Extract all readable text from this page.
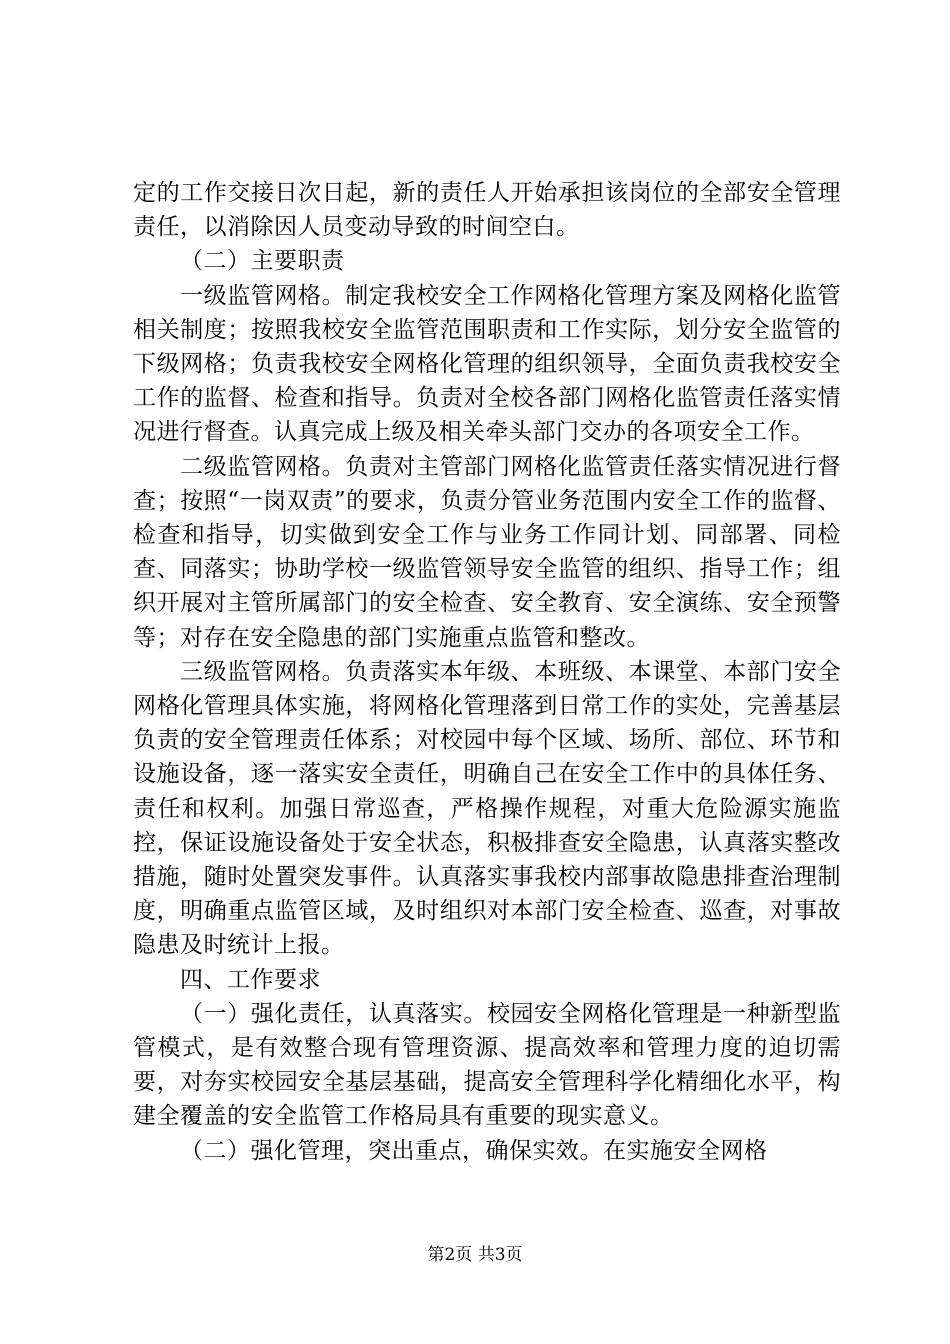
定的工作交接日次日起，新的责任人开始承担该岗位的全部安全管理责任，以消除因人员变动导致的时间空白。

（二）主要职责

一级监管网格。制定我校安全工作网格化管理方案及网格化监管相关制度；按照我校安全监管范围职责和工作实际，划分安全监管的下级网格；负责我校安全网格化管理的组织领导，全面负责我校安全工作的监督、检查和指导。负责对全校各部门网格化监管责任落实情况进行督查。认真完成上级及相关牵头部门交办的各项安全工作。

二级监管网格。负责对主管部门网格化监管责任落实情况进行督查；按照“一岗双责”的要求，负责分管业务范围内安全工作的监督、检查和指导，切实做到安全工作与业务工作同计划、同部署、同检查、同落实；协助学校一级监管领导安全监管的组织、指导工作；组织开展对主管所属部门的安全检查、安全教育、安全演练、安全预警等；对存在安全隐患的部门实施重点监管和整改。

三级监管网格。负责落实本年级、本班级、本课堂、本部门安全网格化管理具体实施，将网格化管理落到日常工作的实处，完善基层负责的安全管理责任体系；对校园中每个区域、场所、部位、环节和设施设备，逐一落实安全责任，明确自己在安全工作中的具体任务、责任和权利。加强日常巡查，严格操作规程，对重大危险源实施监控，保证设施设备处于安全状态，积极排查安全隐患，认真落实整改措施，随时处置突发事件。认真落实事我校内部事故隐患排查治理制度，明确重点监管区域，及时组织对本部门安全检查、巡查，对事故隐患及时统计上报。

四、工作要求

（一）强化责任，认真落实。校园安全网格化管理是一种新型监管模式，是有效整合现有管理资源、提高效率和管理力度的迫切需要，对夯实校园安全基层基础，提高安全管理科学化精细化水平，构建全覆盖的安全监管工作格局具有重要的现实意义。

（二）强化管理，突出重点，确保实效。在实施安全网格

第2页 共3页
